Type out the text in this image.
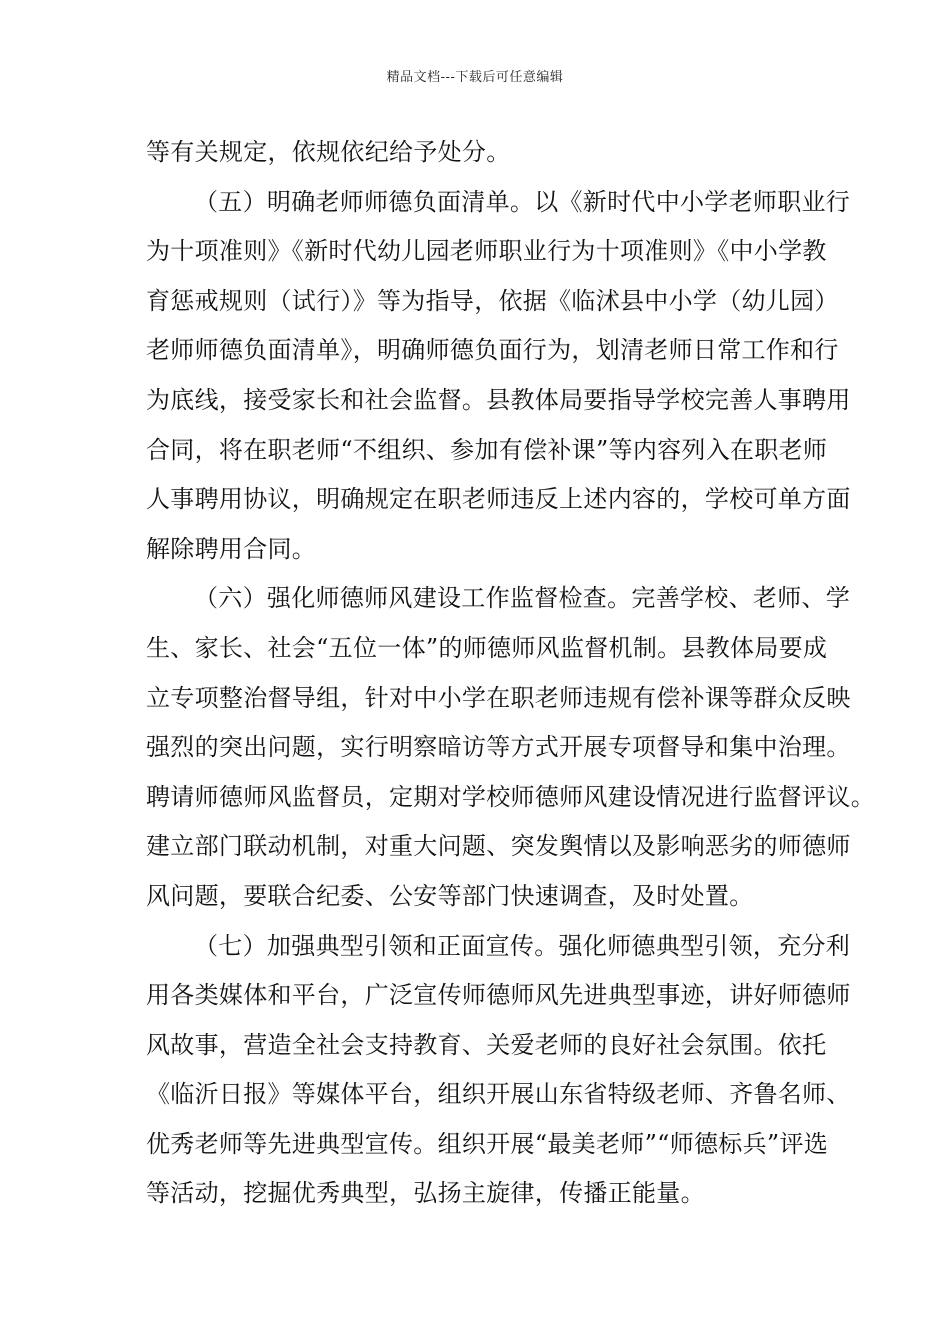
精品文档---下载后可任意编辑
等有关规定，依规依纪给予处分。
（五）明确老师师德负面清单。以《新时代中小学老师职业行
为十项准则》《新时代幼儿园老师职业行为十项准则》《中小学教
育惩戒规则（试行）》等为指导，依据《临沭县中小学（幼儿园）
老师师德负面清单》，明确师德负面行为，划清老师日常工作和行
为底线，接受家长和社会监督。县教体局要指导学校完善人事聘用
合同，将在职老师“不组织、参加有偿补课”等内容列入在职老师
人事聘用协议，明确规定在职老师违反上述内容的，学校可单方面
解除聘用合同。
（六）强化师德师风建设工作监督检查。完善学校、老师、学
生、家长、社会“五位一体”的师德师风监督机制。县教体局要成
立专项整治督导组，针对中小学在职老师违规有偿补课等群众反映
强烈的突出问题，实行明察暗访等方式开展专项督导和集中治理。
聘请师德师风监督员，定期对学校师德师风建设情况进行监督评议。
建立部门联动机制，对重大问题、突发舆情以及影响恶劣的师德师
风问题，要联合纪委、公安等部门快速调查，及时处置。
（七）加强典型引领和正面宣传。强化师德典型引领，充分利
用各类媒体和平台，广泛宣传师德师风先进典型事迹，讲好师德师
风故事，营造全社会支持教育、关爱老师的良好社会氛围。依托
《临沂日报》等媒体平台，组织开展山东省特级老师、齐鲁名师、
优秀老师等先进典型宣传。组织开展“最美老师”“师德标兵”评选
等活动，挖掘优秀典型，弘扬主旋律，传播正能量。
